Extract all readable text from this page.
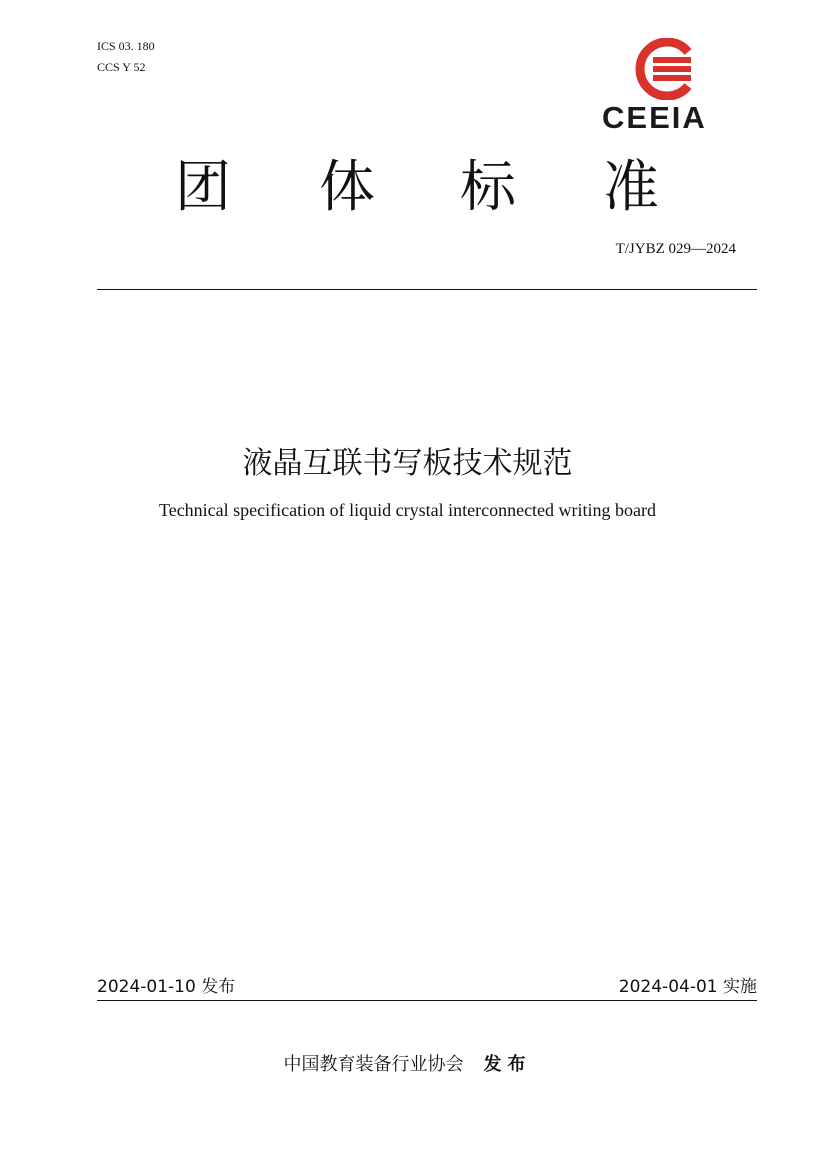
ICS 03. 180
CCS Y 52
CEEIA
团 体 标 准
T/JYBZ 029—2024
液晶互联书写板技术规范
Technical specification of liquid crystal interconnected writing board
2024-01-10 发布	2024-04-01 实施
中国教育装备行业协会 发布
